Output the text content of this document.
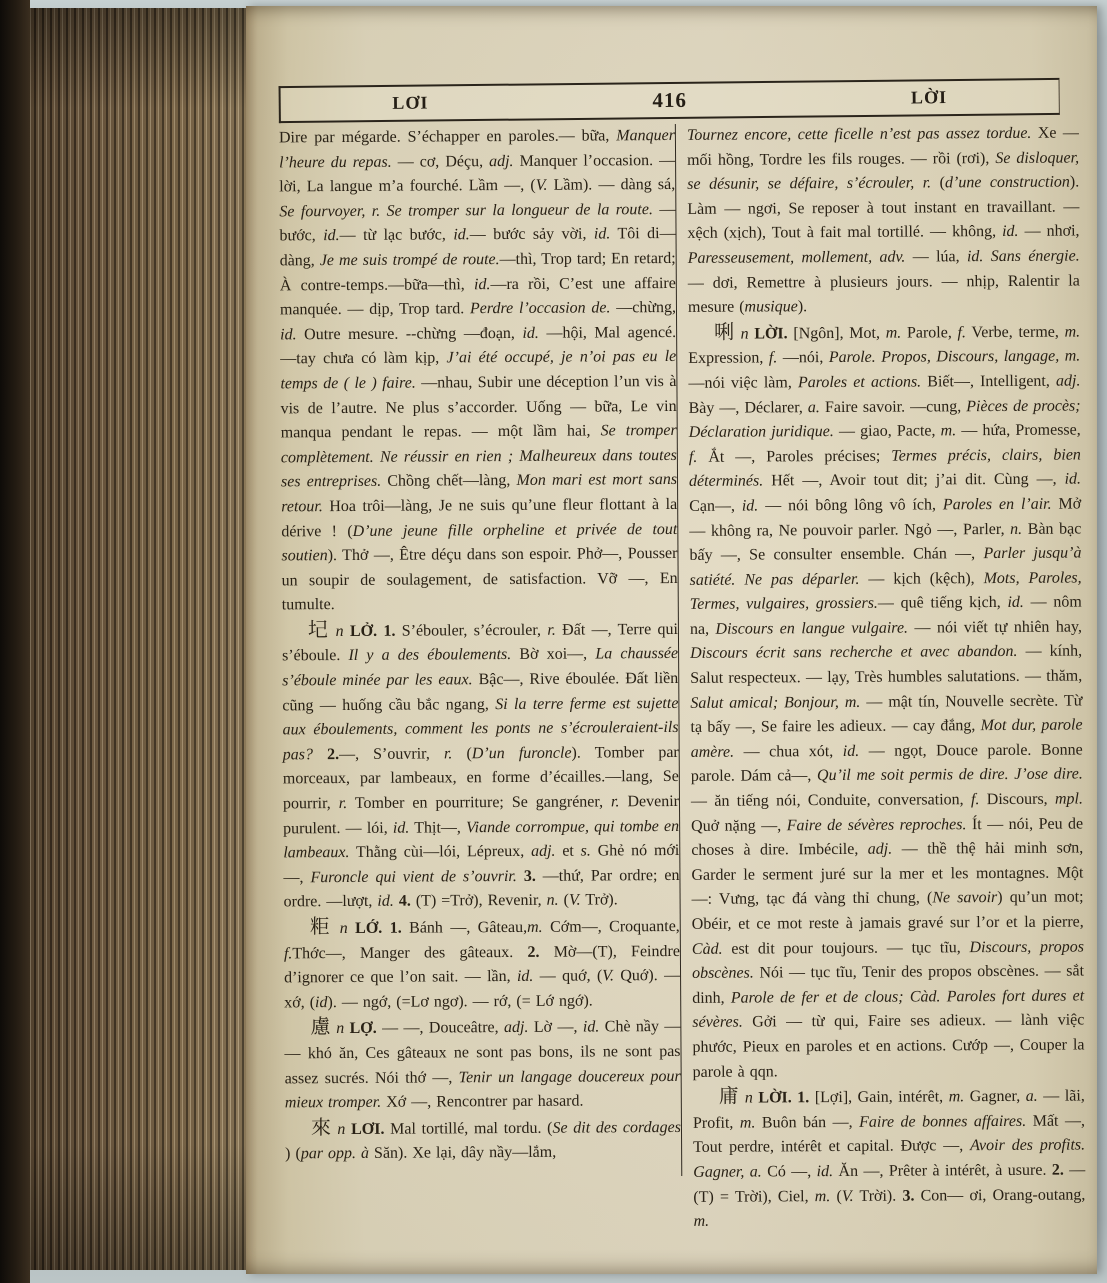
LƠI	416	LỜI

Dire par mégarde. S’échapper en paroles.— bữa, Manquer l’heure du repas. — cơ, Déçu, adj. Manquer l’occasion. — lời, La langue m’a fourché. Lầm —, (V. Lầm). — dàng sá, Se fourvoyer, r. Se tromper sur la longueur de la route. — bước, id.— từ lạc bước, id.— bước sảy vời, id. Tôi di— dàng, Je me suis trompé de route.—thì, Trop tard; En retard; À contre-temps.—bữa—thì, id.—ra rồi, C’est une affaire manquée. — dịp, Trop tard. Perdre l’occasion de. —chừng, id. Outre mesure. --chừng —đoạn, id. —hội, Mal agencé. —tay chưa có làm kịp, J’ai été occupé, je n’oi pas eu le temps de ( le ) faire. —nhau, Subir une déception l’un vis à vis de l’autre. Ne plus s’accorder. Uống — bữa, Le vin manqua pendant le repas. — một lầm hai, Se tromper complètement. Ne réussir en rien ; Malheureux dans toutes ses entreprises. Chồng chết—làng, Mon mari est mort sans retour. Hoa trôi—làng, Je ne suis qu’une fleur flottant à la dérive ! (D’une jeune fille orpheline et privée de tout soutien). Thở —, Être déçu dans son espoir. Phở—, Pousser un soupir de soulagement, de satisfaction. Vỡ —, En tumulte.

圮 n LỞ. 1. S’ébouler, s’écrouler, r. Đất —, Terre qui s’éboule. Il y a des éboulements. Bờ xoi—, La chaussée s’éboule minée par les eaux. Bậc—, Rive éboulée. Đất liền cũng — huống cầu bắc ngang, Si la terre ferme est sujette aux éboulements, comment les ponts ne s’écrouleraient-ils pas? 2.—, S’ouvrir, r. (D’un furoncle). Tomber par morceaux, par lambeaux, en forme d’écailles.—lang, Se pourrir, r. Tomber en pourriture; Se gangréner, r. Devenir purulent. — lói, id. Thịt—, Viande corrompue, qui tombe en lambeaux. Thằng cùi—lói, Lépreux, adj. et s. Ghẻ nó mới —, Furoncle qui vient de s’ouvrir. 3. —thứ, Par ordre; en ordre. —lượt, id. 4. (T) =Trở), Revenir, n. (V. Trở).

粔 n LỚ. 1. Bánh —, Gâteau,m. Cớm—, Croquante, f.Thớc—, Manger des gâteaux. 2. Mờ—(T), Feindre d’ignorer ce que l’on sait. — lần, id. — quớ, (V. Quớ). — xớ, (id). — ngớ, (=Lơ ngơ). — rớ, (= Lớ ngớ).

慮 n LỢ. — —, Douceâtre, adj. Lờ —, id. Chè nầy — — khó ăn, Ces gâteaux ne sont pas bons, ils ne sont pas assez sucrés. Nói thớ —, Tenir un langage doucereux pour mieux tromper. Xớ —, Rencontrer par hasard.

來 n LƠI. Mal tortillé, mal tordu. (Se dit des cordages ) (par opp. à Săn). Xe lại, dây nầy—lắm,

Tournez encore, cette ficelle n’est pas assez tordue. Xe — mối hồng, Tordre les fils rouges. — rồi (rơi), Se disloquer, se désunir, se défaire, s’écrouler, r. (d’une construction). Làm — ngơi, Se reposer à tout instant en travaillant. — xệch (xịch), Tout à fait mal tortillé. — không, id. — nhơi, Paresseusement, mollement, adv. — lúa, id. Sans énergie. — dơi, Remettre à plusieurs jours. — nhịp, Ralentir la mesure (musique).

唎 n LỜI. [Ngôn], Mot, m. Parole, f. Verbe, terme, m. Expression, f. —nói, Parole. Propos, Discours, langage, m. —nói việc làm, Paroles et actions. Biết—, Intelligent, adj. Bày —, Déclarer, a. Faire savoir. —cung, Pièces de procès; Déclaration juridique. — giao, Pacte, m. — hứa, Promesse, f. Ắt —, Paroles précises; Termes précis, clairs, bien déterminés. Hết —, Avoir tout dit; j’ai dit. Cùng —, id. Cạn—, id. — nói bông lông vô ích, Paroles en l’air. Mở — không ra, Ne pouvoir parler. Ngỏ —, Parler, n. Bàn bạc bấy —, Se consulter ensemble. Chán —, Parler jusqu’à satiété. Ne pas déparler. — kịch (kệch), Mots, Paroles, Termes, vulgaires, grossiers.— quê tiếng kịch, id. — nôm na, Discours en langue vulgaire. — nói viết tự nhiên hay, Discours écrit sans recherche et avec abandon. — kính, Salut respecteux. — lạy, Très humbles salutations. — thăm, Salut amical; Bonjour, m. — mật tín, Nouvelle secrète. Từ tạ bấy —, Se faire les adieux. — cay đắng, Mot dur, parole amère. — chua xót, id. — ngọt, Douce parole. Bonne parole. Dám cả—, Qu’il me soit permis de dire. J’ose dire. — ăn tiếng nói, Conduite, conversation, f. Discours, mpl. Quở nặng —, Faire de sévères reproches. Ít — nói, Peu de choses à dire. Imbécile, adj. — thề thệ hải minh sơn, Garder le serment juré sur la mer et les montagnes. Một —: Vưng, tạc đá vàng thỉ chung, (Ne savoir) qu’un mot; Obéir, et ce mot reste à jamais gravé sur l’or et la pierre, Càd. est dit pour toujours. — tục tĩu, Discours, propos obscènes. Nói — tục tĩu, Tenir des propos obscènes. — sắt dinh, Parole de fer et de clous; Càd. Paroles fort dures et sévères. Gởi — từ qui, Faire ses adieux. — lành việc phước, Pieux en paroles et en actions. Cướp —, Couper la parole à qqn.

庯 n LỜI. 1. [Lợi], Gain, intérêt, m. Gagner, a. — lãi, Profit, m. Buôn bán —, Faire de bonnes affaires. Mất —, Tout perdre, intérêt et capital. Được —, Avoir des profits. Gagner, a. Có —, id. Ăn —, Prêter à intérêt, à usure. 2. —(T) = Trời), Ciel, m. (V. Trời). 3. Con— ơi, Orang-outang, m.
